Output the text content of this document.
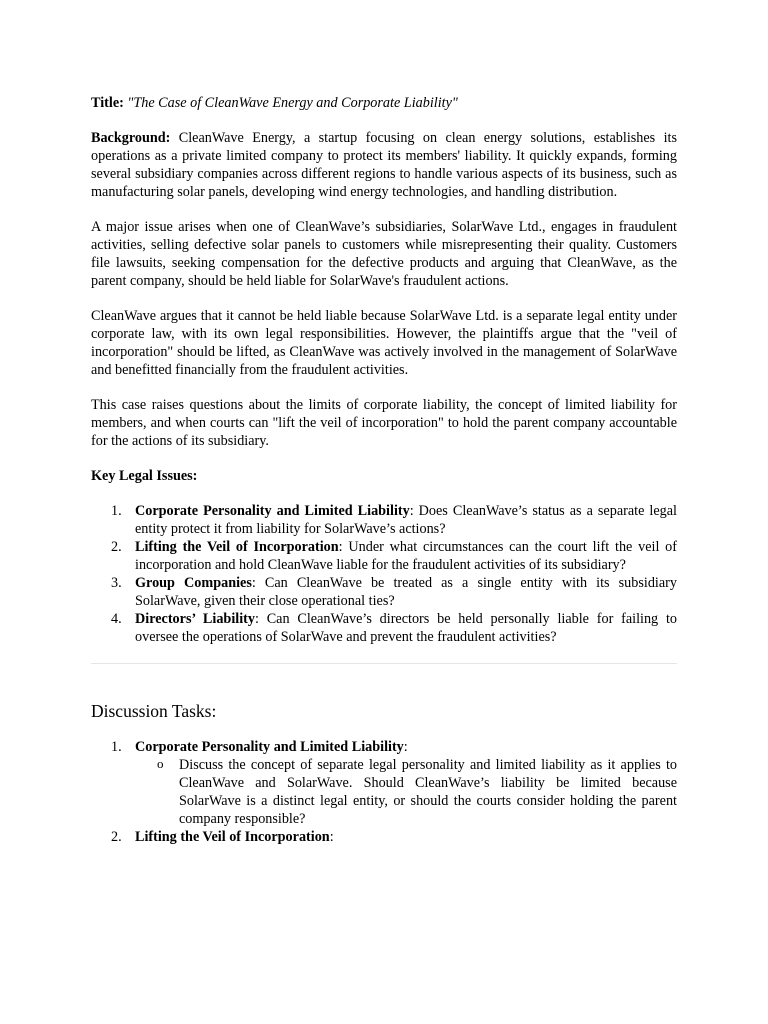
Title: "The Case of CleanWave Energy and Corporate Liability"

Background: CleanWave Energy, a startup focusing on clean energy solutions, establishes its operations as a private limited company to protect its members' liability. It quickly expands, forming several subsidiary companies across different regions to handle various aspects of its business, such as manufacturing solar panels, developing wind energy technologies, and handling distribution.

A major issue arises when one of CleanWave’s subsidiaries, SolarWave Ltd., engages in fraudulent activities, selling defective solar panels to customers while misrepresenting their quality. Customers file lawsuits, seeking compensation for the defective products and arguing that CleanWave, as the parent company, should be held liable for SolarWave's fraudulent actions.

CleanWave argues that it cannot be held liable because SolarWave Ltd. is a separate legal entity under corporate law, with its own legal responsibilities. However, the plaintiffs argue that the "veil of incorporation" should be lifted, as CleanWave was actively involved in the management of SolarWave and benefitted financially from the fraudulent activities.

This case raises questions about the limits of corporate liability, the concept of limited liability for members, and when courts can "lift the veil of incorporation" to hold the parent company accountable for the actions of its subsidiary.

Key Legal Issues:

1. Corporate Personality and Limited Liability: Does CleanWave’s status as a separate legal entity protect it from liability for SolarWave’s actions?
2. Lifting the Veil of Incorporation: Under what circumstances can the court lift the veil of incorporation and hold CleanWave liable for the fraudulent activities of its subsidiary?
3. Group Companies: Can CleanWave be treated as a single entity with its subsidiary SolarWave, given their close operational ties?
4. Directors’ Liability: Can CleanWave’s directors be held personally liable for failing to oversee the operations of SolarWave and prevent the fraudulent activities?
Discussion Tasks:
1. Corporate Personality and Limited Liability:
o Discuss the concept of separate legal personality and limited liability as it applies to CleanWave and SolarWave. Should CleanWave’s liability be limited because SolarWave is a distinct legal entity, or should the courts consider holding the parent company responsible?
2. Lifting the Veil of Incorporation:
